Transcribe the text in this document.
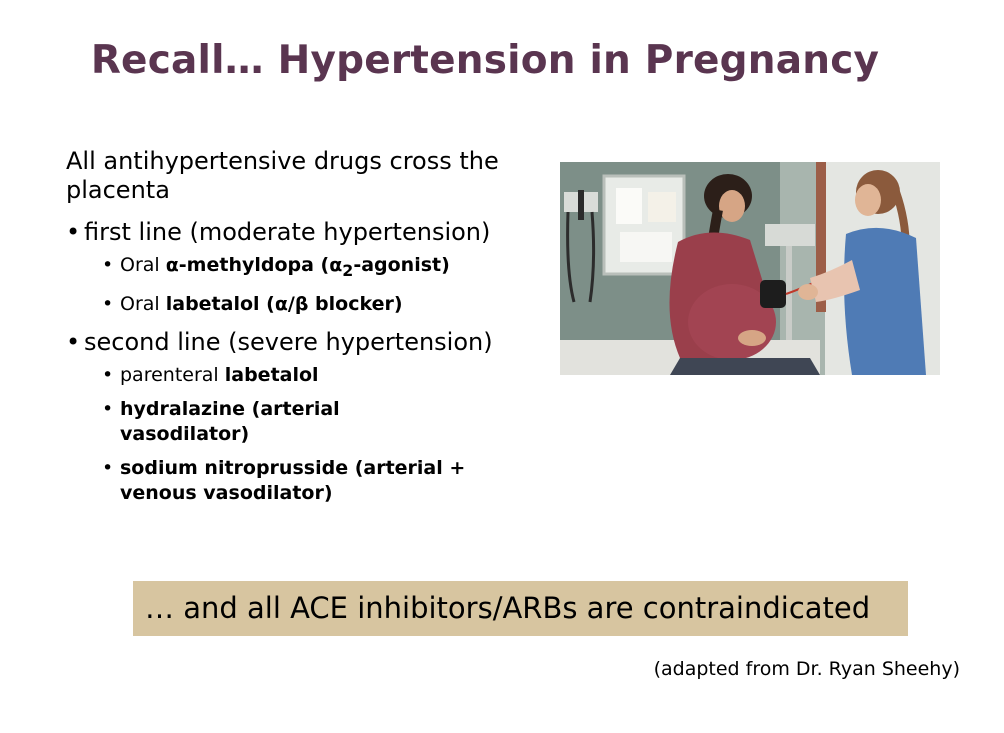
Recall… Hypertension in Pregnancy
All antihypertensive drugs cross the placenta
• first line (moderate hypertension)
• Oral α-methyldopa $(\alpha_2-agonist)$
• Oral labetalol (α/β blocker)
• second line (severe hypertension)
• parenteral labetalol
• hydralazine (arterial vasodilator)
• sodium nitroprusside (arterial + venous vasodilator)
… and all ACE inhibitors/ARBs are contraindicated
(adapted from Dr. Ryan Sheehy)
